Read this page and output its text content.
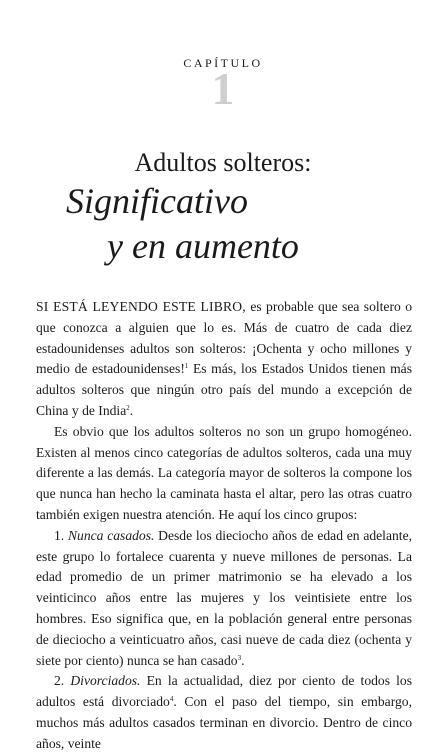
CAPÍTULO
1
Adultos solteros:
Significativo
y en aumento

SI ESTÁ LEYENDO ESTE LIBRO, es probable que sea soltero o que conozca a alguien que lo es. Más de cuatro de cada diez estadounidenses adultos son solteros: ¡Ochenta y ocho millones y medio de estadounidenses!$^1$ Es más, los Estados Unidos tienen más adultos solteros que ningún otro país del mundo a excepción de China y de India$^2$.

Es obvio que los adultos solteros no son un grupo homogéneo. Existen al menos cinco categorías de adultos solteros, cada una muy diferente a las demás. La categoría mayor de solteros la compone los que nunca han hecho la caminata hasta el altar, pero las otras cuatro también exigen nuestra atención. He aquí los cinco grupos:

1. Nunca casados. Desde los dieciocho años de edad en adelante, este grupo lo fortalece cuarenta y nueve millones de personas. La edad promedio de un primer matrimonio se ha elevado a los veinticinco años entre las mujeres y los veintisiete entre los hombres. Eso significa que, en la población general entre personas de dieciocho a veinticuatro años, casi nueve de cada diez (ochenta y siete por ciento) nunca se han casado$^3$.

2. Divorciados. En la actualidad, diez por ciento de todos los adultos está divorciado$^4$. Con el paso del tiempo, sin embargo, muchos más adultos casados terminan en divorcio. Dentro de cinco años, veinte
